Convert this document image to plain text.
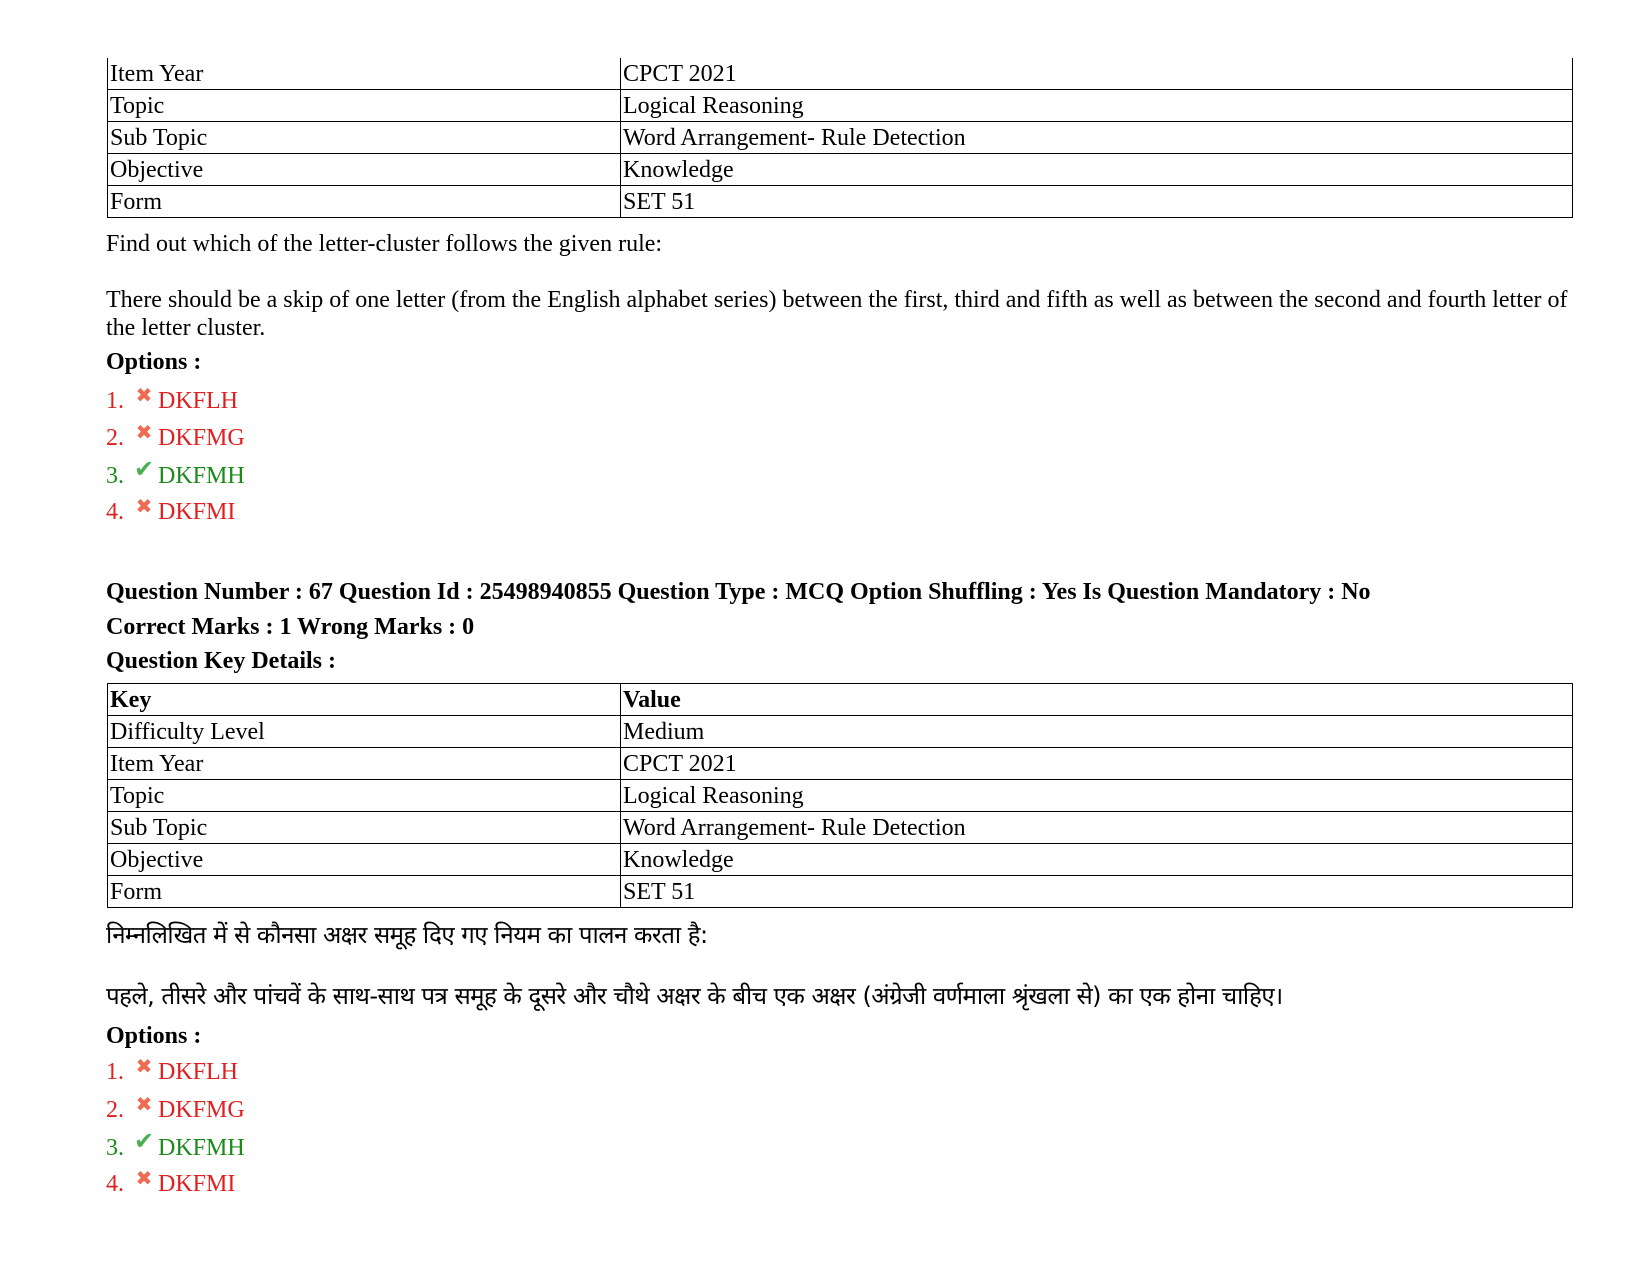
Item Year	CPCT 2021
Topic	Logical Reasoning
Sub Topic	Word Arrangement- Rule Detection
Objective	Knowledge
Form	SET 51
Find out which of the letter-cluster follows the given rule:
There should be a skip of one letter (from the English alphabet series) between the first, third and fifth as well as between the second and fourth letter of the letter cluster.
Options :
1. ✖ DKFLH
2. ✖ DKFMG
3. ✔ DKFMH
4. ✖ DKFMI
Question Number : 67 Question Id : 25498940855 Question Type : MCQ Option Shuffling : Yes Is Question Mandatory : No
Correct Marks : 1 Wrong Marks : 0
Question Key Details :
Key	Value
Difficulty Level	Medium
Item Year	CPCT 2021
Topic	Logical Reasoning
Sub Topic	Word Arrangement- Rule Detection
Objective	Knowledge
Form	SET 51
निम्नलिखित में से कौनसा अक्षर समूह दिए गए नियम का पालन करता है:
पहले, तीसरे और पांचवें के साथ-साथ पत्र समूह के दूसरे और चौथे अक्षर के बीच एक अक्षर (अंग्रेजी वर्णमाला श्रृंखला से) का एक होना चाहिए।
Options :
1. ✖ DKFLH
2. ✖ DKFMG
3. ✔ DKFMH
4. ✖ DKFMI
